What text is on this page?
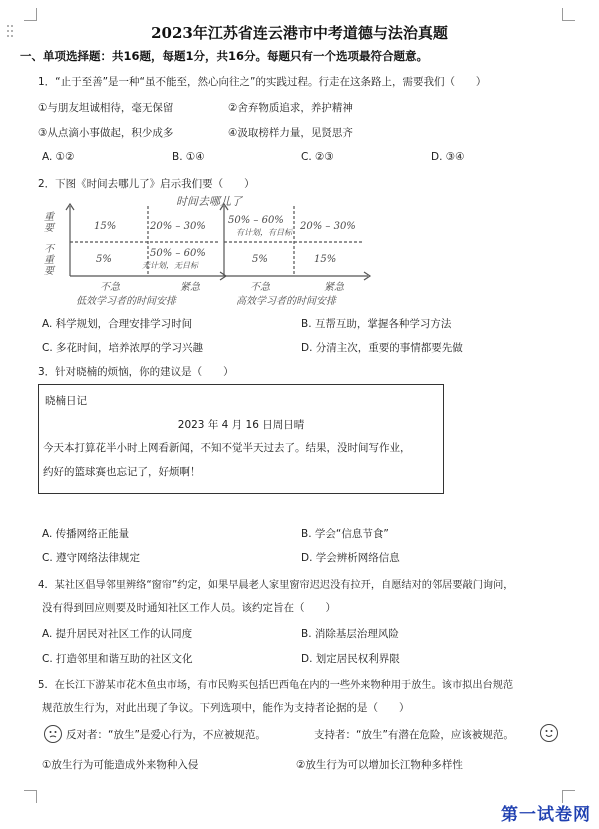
2023年江苏省连云港市中考道德与法治真题
一、单项选择题：共16题，每题1分，共16分。每题只有一个选项最符合题意。
1．“止于至善”是一种“虽不能至，然心向往之”的实践过程。行走在这条路上，需要我们（　　）
①与朋友坦诚相待，毫无保留	②舍弃物质追求，养护精神
③从点滴小事做起，积少成多	④汲取榜样力量，见贤思齐
A. ①②	B. ①④	C. ②③	D. ③④
2．下图《时间去哪儿了》启示我们要（　　）
时间去哪儿了
重要
不重要
15%	20% – 30%
5%
50% – 60%
无计划，无目标
50% – 60%
有计划，有目标
20% – 30%
5%	15%
不急	紧急	不急	紧急
低效学习者的时间安排	高效学习者的时间安排
A. 科学规划，合理安排学习时间	B. 互帮互助，掌握各种学习方法
C. 多花时间，培养浓厚的学习兴趣	D. 分清主次，重要的事情都要先做
3．针对晓楠的烦恼，你的建议是（　　）
晓楠日记
2023 年 4 月 16 日周日晴
今天本打算花半小时上网看新闻，不知不觉半天过去了。结果，没时间写作业，
约好的篮球赛也忘记了，好烦啊！
A. 传播网络正能量	B. 学会“信息节食”
C. 遵守网络法律规定	D. 学会辨析网络信息
4．某社区倡导邻里辨络“窗帘”约定，如果早晨老人家里窗帘迟迟没有拉开，自愿结对的邻居要敲门询问，
没有得到回应则要及时通知社区工作人员。该约定旨在（　　）
A. 提升居民对社区工作的认同度	B. 消除基层治理风险
C. 打造邻里和谐互助的社区文化	D. 划定居民权利界限
5．在长江下游某市花木鱼虫市场，有市民购买包括巴西龟在内的一些外来物种用于放生。该市拟出台规范
规范放生行为，对此出现了争议。下列选项中，能作为支持者论据的是（　　）
反对者：“放生”是爱心行为，不应被规范。	支持者：“放生”有潜在危险，应该被规范。
①放生行为可能造成外来物种入侵	②放生行为可以增加长江物种多样性
第一试卷网
